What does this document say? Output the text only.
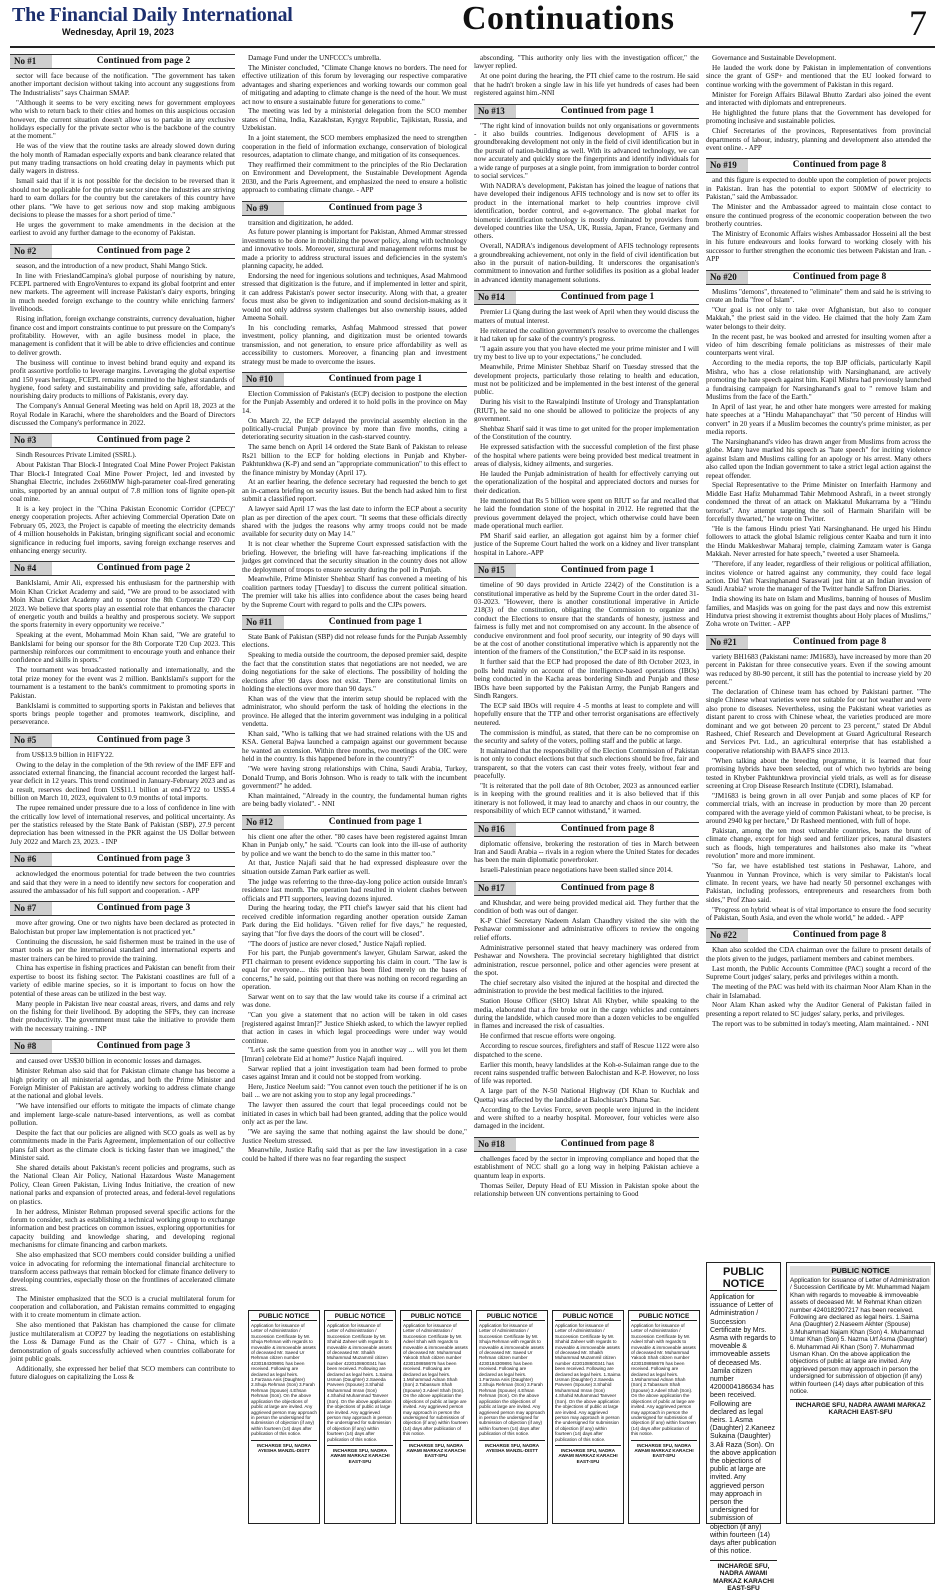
The Financial Daily International
Wednesday, April 19, 2023	Continuations	7
No #1	Continued from page 2

sector will face because of the notification. "The government has taken another important decision without taking into account any suggestions from The Industrialists" says Chairman SMAP.

"Although it seems to be very exciting news for government employees who wish to return back to their cities and homes on this auspicious occasion however, the current situation doesn't allow us to partake in any exclusive holidays especially for the private sector who is the backbone of the country at the moment."

He was of the view that the routine tasks are already slowed down during the holy month of Ramadan especially exports and bank clearance related that put many trading transactions on hold creating delay in payments which put daily wagers in distress.

Ismail said that if it is not possible for the decision to be reversed than it should not be applicable for the private sector since the industries are striving hard to earn dollars for the country but the caretakers of this country have other plans. "We have to get serious now and stop making ambiguous decisions to please the masses for a short period of time."

He urges the government to make amendments in the decision at the earliest to avoid any further damage to the economy of Pakistan.

No #2	Continued from page 2

season, and the introduction of a new product, Shahi Mango Stick.

In line with FrieslandCampina's global purpose of nourishing by nature, FCEPL partnered with EngroVentures to expand its global footprint and enter new markets. The agreement will increase Pakistan's dairy exports, bringing in much needed foreign exchange to the country while enriching farmers' livelihoods.

Rising inflation, foreign exchange constraints, currency devaluation, higher finance cost and import constraints continue to put pressure on the Company's profitability. However, with an agile business model in place, the management is confident that it will be able to drive efficiencies and continue to deliver growth.

The business will continue to invest behind brand equity and expand its profit assortive portfolio to leverage margins. Leveraging the global expertise and 150 years heritage, FCEPL remains committed to the highest standards of hygiene, food safety and sustainability and providing safe, affordable, and nourishing dairy products to millions of Pakistanis, every day.

The Company's Annual General Meeting was held on April 18, 2023 at the Royal Rodale in Karachi, where the shareholders and the Board of Directors discussed the Company's performance in 2022.

No #3	Continued from page 2

Sindh Resources Private Limited (SSRL).

About Pakistan Thar Block-I Integrated Coal Mine Power Project Pakistan Thar Block-I Integrated Coal Mine Power Project, led and invested by Shanghai Electric, includes 2x660MW high-parameter coal-fired generating units, supported by an annual output of 7.8 million tons of lignite open-pit coal mine.

It is a key project in the "China Pakistan Economic Corridor (CPEC)" energy cooperation projects. After achieving Commercial Operation Date on February 05, 2023, the Project is capable of meeting the electricity demands of 4 million households in Pakistan, bringing significant social and economic significance in reducing fuel imports, saving foreign exchange reserves and enhancing energy security.

No #4	Continued from page 2

BankIslami, Amir Ali, expressed his enthusiasm for the partnership with Moin Khan Cricket Academy and said, "We are proud to be associated with Moin Khan Cricket Academy and to sponsor the 8th Corporate T20 Cup 2023. We believe that sports play an essential role that enhances the character of energetic youth and builds a healthy and prosperous society. We support the sports fraternity in every opportunity we receive."

Speaking at the event, Mohammad Moin Khan said, "We are grateful to BankIslami for being our sponsor for the 8th Corporate T20 Cup 2023. This partnership reinforces our commitment to encourage youth and enhance their confidence and skills in sports."

The tournament was broadcasted nationally and internationally, and the total prize money for the event was 2 million. BankIslami's support for the tournament is a testament to the bank's commitment to promoting sports in Pakistan.

BankIslami is committed to supporting sports in Pakistan and believes that sports brings people together and promotes teamwork, discipline, and perseverance.

No #5	Continued from page 3

from US$13.9 billion in H1FY22.

Owing to the delay in the completion of the 9th review of the IMF EFF and associated external financing, the financial account recorded the largest half-year deficit in 12 years. This trend continued in January-February 2023 and as a result, reserves declined from US$11.1 billion at end-FY22 to US$5.4 billion on March 10, 2023, equivalent to 0.9 months of total imports.

The rupee remained under pressure due to a loss of confidence in line with the critically low level of international reserves, and political uncertainty. As per the statistics released by the State Bank of Pakistan (SBP), 27.9 percent depreciation has been witnessed in the PKR against the US Dollar between July 2022 and March 23, 2023. - INP

No #6	Continued from page 3

acknowledged the enormous potential for trade between the two countries and said that they were in a need to identify new sectors for cooperation and assured the ambassador of his full support and cooperation. - APP

No #7	Continued from page 3

move after growing. One or two nights have been declared as protected in Balochistan but proper law implementation is not practiced yet."

Continuing the discussion, he said fishermen must be trained in the use of smart tools as per the international standard and international experts and master trainers can be hired to provide the training.

China has expertise in fishing practices and Pakistan can benefit from their expertise to boost its fishing sector. The Pakistani coastlines are full of a variety of edible marine species, so it is important to focus on how the potential of these areas can be utilized in the best way.

Many people in Pakistan live near coastal areas, rivers, and dams and rely on the fishing for their livelihood. By adopting the SFPs, they can increase their productivity. The government must take the initiative to provide them with the necessary training. - INP

No #8	Continued from page 3

and caused over US$30 billion in economic losses and damages.

Minister Rehman also said that for Pakistan climate change has become a high priority on all ministerial agendas, and both the Prime Minister and Foreign Minister of Pakistan are actively working to address climate change at the national and global levels.

"We have intensified our efforts to mitigate the impacts of climate change and implement large-scale nature-based interventions, as well as combat pollution.

Despite the fact that our policies are aligned with SCO goals as well as by commitments made in the Paris Agreement, implementation of our collective plans fall short as the climate clock is ticking faster than we imagined," the Minister said.

She shared details about Pakistan's recent policies and programs, such as the National Clean Air Policy, National Hazardous Waste Management Policy, Clean Green Pakistan, Living Indus Initiative, the creation of new national parks and expansion of protected areas, and federal-level regulations on plastics.

In her address, Minister Rehman proposed several specific actions for the forum to consider, such as establishing a technical working group to exchange information and best practices on common issues, exploring opportunities for capacity building and knowledge sharing, and developing regional mechanisms for climate financing and carbon markets.

She also emphasized that SCO members could consider building a unified voice in advocating for reforming the international financial architecture to transform access pathways that remain blocked for climate finance delivery to developing countries, especially those on the frontlines of accelerated climate stress.

The Minister emphasized that the SCO is a crucial multilateral forum for cooperation and collaboration, and Pakistan remains committed to engaging with it to create momentum in climate action.

She also mentioned that Pakistan has championed the cause for climate justice multilateralism at COP27 by leading the negotiations on establishing the Loss & Damage Fund as the Chair of G77 - China, which is a demonstration of goals successfully achieved when countries collaborate for joint public goals.

Additionally, she expressed her belief that SCO members can contribute to future dialogues on capitalizing the Loss &

Damage Fund under the UNFCCC's umbrella.

The Minister concluded, "Climate Change knows no borders. The need for effective utilization of this forum by leveraging our respective comparative advantages and sharing experiences and working towards our common goal of mitigating and adapting to climate change is the need of the hour. We must act now to ensure a sustainable future for generations to come."

The meeting was led by a ministerial delegation from the SCO member states of China, India, Kazakhstan, Kyrgyz Republic, Tajikistan, Russia, and Uzbekistan.

In a joint statement, the SCO members emphasized the need to strengthen cooperation in the field of information exchange, conservation of biological resources, adaptation to climate change, and mitigation of its consequences.

They reaffirmed their commitment to the principles of the Rio Declaration on Environment and Development, the Sustainable Development Agenda 2030, and the Paris Agreement, and emphasized the need to ensure a holistic approach to combating climate change. - APP

No #9	Continued from page 3

transition and digitization, he added.

As future power planning is important for Pakistan, Ahmed Ammar stressed investments to be done in mobilizing the power policy, along with technology and innovative tools. Moreover, structural and management reforms must be made a priority to address structural issues and deficiencies in the system's planning capacity, he added.

Endorsing the need for ingenious solutions and techniques, Asad Mahmood stressed that digitization is the future, and if implemented in letter and spirit, it can address Pakistan's power sector insecurity. Along with that, a greater focus must also be given to indigenization and sound decision-making as it would not only address system challenges but also ownership issues, added Ameena Sohail.

In his concluding remarks, Ashfaq Mahmood stressed that power investment, policy planning, and digitization must be oriented towards transmission, and not generation, to ensure price affordability as well as accessibility to customers. Moreover, a financing plan and investment strategy must be made to overcome the issues.

No #10	Continued from page 1

Election Commission of Pakistan's (ECP) decision to postpone the election for the Punjab Assembly and ordered it to hold polls in the province on May 14.

On March 22, the ECP delayed the provincial assembly election in the politically-crucial Punjab province by more than five months, citing a deteriorating security situation in the cash-starved country.

The same bench on April 14 ordered the State Bank of Pakistan to release Rs21 billion to the ECP for holding elections in Punjab and Khyber-Pakhtunkhwa (K-P) and send an "appropriate communication" to this effect to the finance ministry by Monday (April 17).

At an earlier hearing, the defence secretary had requested the bench to get an in-camera briefing on security issues. But the bench had asked him to first submit a classified report.

A lawyer said April 17 was the last date to inform the ECP about a security plan as per direction of the apex court. "It seems that these officials directly shared with the judges the reasons why army troops could not be made available for security duty on May 14."

It is not clear whether the Supreme Court expressed satisfaction with the briefing. However, the briefing will have far-reaching implications if the judges get convinced that the security situation in the country does not allow the deployment of troops to ensure security during the poll in Punjab.

Meanwhile, Prime Minister Shehbaz Sharif has convened a meeting of his coalition partners today [Tuesday] to discuss the current political situation. The premier will take his allies into confidence about the cases being heard by the Supreme Court with regard to polls and the CJPs powers.

No #11	Continued from page 1

State Bank of Pakistan (SBP) did not release funds for the Punjab Assembly elections.

Speaking to media outside the courtroom, the deposed premier said, despite the fact that the constitution states that negotiations are not needed, we are doing negotiations for the sake of elections. The possibility of holding the elections after 90 days does not exist. There are constitutional limits on holding the elections over more than 90 days."

Khan was of the view that the interim setup should be replaced with the administrator, who should perform the task of holding the elections in the province. He alleged that the interim government was indulging in a political vendetta.

Khan said, "Who is talking that we had strained relations with the US and KSA. General Bajwa launched a campaign against our government because he wanted an extension. Within three months, two meetings of the OIC were held in the country. Is this happened before in the country?"

"We were having strong relationships with China, Saudi Arabia, Turkey, Donald Trump, and Boris Johnson. Who is ready to talk with the incumbent government?" he added.

Khan maintained, "Already in the country, the fundamental human rights are being badly violated". - NNI

No #12	Continued from page 1

his client one after the other. "80 cases have been registered against Imran Khan in Punjab only," he said. "Courts can look into the ill-use of authority by police and we want the bench to do the same in this matter too."

At that, Justice Najafi said that he had expressed displeasure over the situation outside Zaman Park earlier as well.

The judge was referring to the three-day-long police action outside Imran's residence last month. The operation had resulted in violent clashes between officials and PTI supporters, leaving dozens injured.

During the hearing today, the PTI chief's lawyer said that his client had received credible information regarding another operation outside Zaman Park during the Eid holidays. "Given relief for five days," he requested, saying that "for five days the doors of the court will be closed".

"The doors of justice are never closed," Justice Najafi replied.

For his part, the Punjab government's lawyer, Ghulam Sarwar, asked the PTI chairman to present evidence supporting his claim in court. "The law is equal for everyone... this petition has been filed merely on the bases of concerns," he said, pointing out that there was nothing on record regarding an operation.

Sarwar went on to say that the law would take its course if a criminal act was done.

"Can you give a statement that no action will be taken in old cases [registered against Imran]?" Justice Shiekh asked, to which the lawyer replied that action in cases in which legal proceedings were under way would continue.

"Let's ask the same question from you in another way ... will you let them [Imran] celebrate Eid at home?" Justice Najafi inquired.

Sarwar replied that a joint investigation team had been formed to probe cases against Imran and it could not be stopped from working.

Here, Justice Neelum said: "You cannot even touch the petitioner if he is on bail ... we are not asking you to stop any legal proceedings."

The lawyer then assured the court that legal proceedings could not be initiated in cases in which bail had been granted, adding that the police would only act as per the law.

"We are saying the same that nothing against the law should be done," Justice Neelum stressed.

Meanwhile, Justice Rafiq said that as per the law investigation in a case could be halted if there was no fear regarding the suspect

absconding. "This authority only lies with the investigation officer," the lawyer replied.

At one point during the hearing, the PTI chief came to the rostrum. He said that he hadn't broken a single law in his life yet hundreds of cases had been registered against him.-NNI

No #13	Continued from page 1

"The right kind of innovation builds not only organisations or governments - it also builds countries. Indigenous development of AFIS is a groundbreaking development not only in the field of civil identification but in the pursuit of nation-building as well. With its advanced technology, we can now accurately and quickly store the fingerprints and identify individuals for a wide range of purposes at a single point, from immigration to border control to social services."

With NADRA's development, Pakistan has joined the league of nations that have developed their indigenous AFIS technology and is now set to offer its product in the international market to help countries improve civil identification, border control, and e-governance. The global market for biometric identification technology is mostly dominated by providers from developed countries like the USA, UK, Russia, Japan, France, Germany and others.

Overall, NADRA's indigenous development of AFIS technology represents a groundbreaking achievement, not only in the field of civil identification but also in the pursuit of nation-building. It underscores the organisation's commitment to innovation and further solidifies its position as a global leader in advanced identity management solutions.

No #14	Continued from page 1

Premier Li Qiang during the last week of April when they would discuss the matters of mutual interest.

He reiterated the coalition government's resolve to overcome the challenges it had taken up for sake of the country's progress.

"I again assure you that you have elected me your prime minister and I will try my best to live up to your expectations," he concluded.

Meanwhile, Prime Minister Shehbaz Sharif on Tuesday stressed that the development projects, particularly those relating to health and education, must not be politicized and be implemented in the best interest of the general public.

During his visit to the Rawalpindi Institute of Urology and Transplantation (RIUT), he said no one should be allowed to politicize the projects of any government.

Shehbaz Sharif said it was time to get united for the proper implementation of the Constitution of the country.

He expressed satisfaction with the successful completion of the first phase of the hospital where patients were being provided best medical treatment in areas of dialysis, kidney ailments, and surgeries.

He lauded the Punjab administration of health for effectively carrying out the operationalization of the hospital and appreciated doctors and nurses for their dedication.

He mentioned that Rs 5 billion were spent on RIUT so far and recalled that he laid the foundation stone of the hospital in 2012. He regretted that the previous government delayed the project, which otherwise could have been made operational much earlier.

PM Sharif said earlier, an allegation got against him by a former chief justice of the Supreme Court halted the work on a kidney and liver transplant hospital in Lahore.-APP

No #15	Continued from page 1

timeline of 90 days provided in Article 224(2) of the Constitution is a constitutional imperative as held by the Supreme Court in the order dated 31-03-2023. "However, there is another constitutional imperative in Article 218(3) of the constitution, obligating the Commission to organize and conduct the Elections to ensure that the standards of honesty, justness and fairness is fully met and not compromised on any account. In the absence of conducive environment and fool proof security, our integrity of 90 days will be at the cost of another constitutional imperative which is apparently not the intention of the framers of the Constitution," the ECP said in its response.

It further said that the ECP had proposed the date of 8th October 2023, in polls held mainly on account of the intelligence-based operations (IBOs) being conducted in the Kacha areas bordering Sindh and Punjab and these IBOs have been supported by the Pakistan Army, the Punjab Rangers and Sindh Rangers.

The ECP said IBOs will require 4 -5 months at least to complete and will hopefully ensure that the TTP and other terrorist organisations are effectively neutered.

The commission is mindful, as stated, that there can be no compromise on the security and safety of the voters, polling staff and the public at large.

It maintained that the responsibility of the Election Commission of Pakistan is not only to conduct elections but that such elections should be free, fair and transparent, so that the voters can cast their votes freely, without fear and peacefully.

"It is reiterated that the poll date of 8th October, 2023 as announced earlier is in keeping with the ground realities and it is also believed that if this itinerary is not followed, it may lead to anarchy and chaos in our country, the responsibility of which ECP cannot withstand," it warned.

No #16	Continued from page 8

diplomatic offensive, brokering the restoration of ties in March between Iran and Saudi Arabia -- rivals in a region where the United States for decades has been the main diplomatic powerbroker.

Israeli-Palestinian peace negotiations have been stalled since 2014.

No #17	Continued from page 8

and Khushdar, and were being provided medical aid. They further that the condition of both was out of danger.

K-P Chief Secretary Nadeem Aslam Chaudhry visited the site with the Peshawar commissioner and administrative officers to review the ongoing relief efforts.

Administrative personnel stated that heavy machinery was ordered from Peshawar and Nowshera. The provincial secretary highlighted that district administration, rescue personnel, police and other agencies were present at the spot.

The chief secretary also visited the injured at the hospital and directed the administration to provide the best medical facilities to the injured.

Station House Officer (SHO) Ishrat Ali Khyber, while speaking to the media, elaborated that a fire broke out in the cargo vehicles and containers during the landslide, which caused more than a dozen vehicles to be engulfed in flames and increased the risk of casualties.

He confirmed that rescue efforts were ongoing.

According to rescue sources, firefighters and staff of Rescue 1122 were also dispatched to the scene.

Earlier this month, heavy landslides at the Koh-e-Sulaiman range due to the recent rains suspended traffic between Balochistan and K-P. However, no loss of life was reported.

A large part of the N-50 National Highway (DI Khan to Kuchlak and Quetta) was affected by the landslide at Balochistan's Dhana Sar.

According to the Levies Force, seven people were injured in the incident and were shifted to a nearby hospital. Moreover, four vehicles were also damaged in the incident.

No #18	Continued from page 8

challenges faced by the sector in improving compliance and hoped that the establishment of NCC shall go a long way in helping Pakistan achieve a quantum leap in exports.

Thomas Seiler, Deputy Head of EU Mission in Pakistan spoke about the relationship between UN conventions pertaining to Good

Governance and Sustainable Development.

He lauded the work done by Pakistan in implementation of conventions since the grant of GSP+ and mentioned that the EU looked forward to continue working with the government of Pakistan in this regard.

Minister for Foreign Affairs Bilawal Bhutto Zardari also joined the event and interacted with diplomats and entrepreneurs.

He highlighted the future plans that the Government has developed for promoting inclusive and sustainable policies.

Chief Secretaries of the provinces, Representatives from provincial departments of labour, industry, planning and development also attended the event online. - APP

No #19	Continued from page 8

and this figure is expected to double upon the completion of power projects in Pakistan. Iran has the potential to export 500MW of electricity to Pakistan," said the Ambassador.

The Minister and the Ambassador agreed to maintain close contact to ensure the continued progress of the economic cooperation between the two brotherly countries.

The Ministry of Economic Affairs wishes Ambassador Hosseini all the best in his future endeavours and looks forward to working closely with his successor to further strengthen the economic ties between Pakistan and Iran. - APP

No #20	Continued from page 8

Muslims "demons", threatened to "eliminate" them and said he is striving to create an India "free of Islam".

"Our goal is not only to take over Afghanistan, but also to conquer Makkah," the priest said in the video. He claimed that the holy Zam Zam water belongs to their deity.

In the recent past, he was booked and arrested for insulting women after a video of him describing female politicians as mistresses of their male counterparts went viral.

According to the media reports, the top BJP officials, particularly Kapil Mishra, who has a close relationship with Narsinghanand, are actively promoting the hate speech against him. Kapil Mishra had previously launched a fundraising campaign for Narsinghanand's goal to " remove Islam and Muslims from the face of the Earth."

In April of last year, he and other hate mongers were arrested for making hate speeches at a "Hindu Mahapanchayat" that "50 percent of Hindus will convert" in 20 years if a Muslim becomes the country's prime minister, as per media reports.

The Narsinghanand's video has drawn anger from Muslims from across the globe. Many have marked his speech as "hate speech" for inciting violence against Islam and Muslims calling for an apology or his arrest. Many others also called upon the Indian government to take a strict legal action against the repeat offender.

Special Representative to the Prime Minister on Interfaith Harmony and Middle East Hafiz Muhammad Tahir Mehmood Ashrafi, in a tweet strongly condemned the threat of an attack on Makkatul Mukarrama by a "Hindu terrorist". Any attempt targeting the soil of Harmain Sharifain will be forcefully thwarted," he wrote on Twitter.

"He is the famous Hindu priest Yati Narsinghanand. He urged his Hindu followers to attack the global Islamic religious center Kaaba and turn it into the Hindu Makkeshwar Maharaj temple, claiming Zamzam water is Ganga Makkah. Never arrested for hate speech," tweeted a user Shameela.

"Therefore, if any leader, regardless of their religious or political affiliation, incites violence or hatred against any community, they could face legal action. Did Yati Narsinghanand Saraswati just hint at an Indian invasion of Saudi Arabia? wrote the manager of the Twitter handle Saffron Diaries.

India showing its hate on Islam and Muslims, banning of houses of Muslim families, and Masjids was on going for the past days and now this extremist Hindutva priest showing it extremist thoughts about Holy places of Muslims," Zoha wrote on Twitter. - APP

No #21	Continued from page 8

variety BH1683 (Pakistani name: JM1683), have increased by more than 20 percent in Pakistan for three consecutive years. Even if the sowing amount was reduced by 80-90 percent, it still has the potential to increase yield by 20 percent."

The declaration of Chinese team has echoed by Pakistani partner. "The single Chinese wheat varieties were not suitable for our hot weather and were also prone to diseases. Nevertheless, using the Pakistani wheat varieties as distant parent to cross with Chinese wheat, the varieties produced are more dominant and we got between 20 percent to 23 percent," stated Dr Abdul Rasheed, Chief Research and Development at Guard Agricultural Research and Services Pvt. Ltd., an agricultural enterprise that has established a cooperative relationship with BAAFS since 2013.

"When talking about the breeding programme, it is learned that four promising hybrids have been selected, out of which two hybrids are being tested in Khyber Pakhtunkhwa provincial yield trials, as well as for disease screening at Crop Disease Research Institute (CDRI), Islamabad.

"JM1683 is being grown in all over Punjab and some places of KP for commercial trials, with an increase in production by more than 20 percent compared with the average yield of common Pakistani wheat, to be precise, is around 2940 kg per hectare," Dr Rasheed mentioned, with full of hope.

Pakistan, among the ten most vulnerable countries, bears the brunt of climate change, except for high seed and fertilizer prices, natural disasters such as floods, high temperatures and hailstones also make its "wheat revolution" more and more imminent.

"So far, we have established test stations in Peshawar, Lahore, and Yuanmou in Yunnan Province, which is very similar to Pakistan's local climate. In recent years, we have had nearly 50 personnel exchanges with Pakistan, including professors, entrepreneurs and researchers from both sides," Prof Zhao said.

"Progress on hybrid wheat is of vital importance to ensure the food security of Pakistan, South Asia, and even the whole world," he added. - APP

No #22	Continued from page 8

Khan also scolded the CDA chairman over the failure to present details of the plots given to the judges, parliament members and cabinet members.

Last month, the Public Accounts Committee (PAC) sought a record of the Supreme Court judges' salary, perks and privileges within a month.

The meeting of the PAC was held with its chairman Noor Alam Khan in the chair in Islamabad.

Noor Alam Khan asked why the Auditor General of Pakistan failed in presenting a report related to SC judges' salary, perks, and privileges.

The report was to be submitted in today's meeting, Alam maintained. - NNI

PUBLIC NOTICE
Application for issuance of Letter of Administration / Succession Certificate by Mrs. Asma with regards to moveable & immoveable assets of deceased Ms. Jamila citizen number 4200004186634 has been received. Following are declared as legal heirs. 1.Asma (Daughter) 2.Kaneez Sukaina (Daughter) 3.Ali Raza (Son). On the above application the objections of public at large are invited. Any aggrieved person may approach in person the undersigned for submission of objection (if any) within fourteen (14) days after publication of this notice.
INCHARGE SFU, NADRA AWAMI MARKAZ KARACHI EAST-SFU
PUBLIC NOTICE
Application for issuance of Letter of Administration / Succession Certificate by Mr. Muhammad Najam Khan with regards to moveable & immoveable assets of deceased Mr. M Rehmat Khan citizen number 4240182907217 has been received. Following are declared as legal heirs. 1.Saima Ana (Daughter) 2.Naseem Akhter (Spouse) 3.Muhammad Najam Khan (Son) 4. Muhammad Umar Khan (Son) 5. Nazma Urf Asma (Daughter) 6. Muhammad Ali Khan (Son) 7. Muhammad Usman Khan. On the above application the objections of public at large are invited. Any aggrieved person may approach in person the undersigned for submission of objection (if any) within fourteen (14) days after publication of this notice.
INCHARGE SFU, NADRA AWAMI MARKAZ KARACHI EAST-SFU
PUBLIC NOTICE
Application for issuance of Letter of Administration / Succession Certificate by Mr. Shuja Rehman with regards to moveable & immoveable assets of deceased Mr. Saeed Ur Rehman citizen number 4230184309891 has been received. Following are declared as legal heirs. 1.Farzana Anis (Daughter) 2.Shuja Rehman (Son) 3.Farah Rehman (Spouse) 4.Ehsan Rehman (Son). On the above application the objections of public at large are invited. Any aggrieved person may approach in person the undersigned for submission of objection (if any) within fourteen (14) days after publication of this notice.
INCHARGE SFU, NADRA AYESHA MANZIL-DISTT
PUBLIC NOTICE
Application for issuance of Letter of Administration / Succession Certificate by Mr. Shahid Zaheer with regards to moveable & immoveable assets of deceased Mr. Shaikh Muhammad Muzammil citizen number 4220108600341 has been received. Following are declared as legal heirs. 1.Saima Usman (Daughter) 2.Saeeda Parveen (Spouse) 3.Shahid Muhammad Imran (Son) 4.Shahid Muhammad Tanveer (Son). On the above application the objections of public at large are invited. Any aggrieved person may approach in person the undersigned for submission of objection (if any) within fourteen (14) days after publication of this notice.
INCHARGE SFU, NADRA AWAMI MARKAZ KARACHI EAST-SFU
PUBLIC NOTICE
Application for issuance of Letter of Administration / Succession Certificate by Mr. Adeel Shah with regards to moveable & immoveable assets of deceased Mr. Muhammad Yakoob Shah citizen number 4230108858676 has been received. Following are declared as legal heirs. 1.Mohammad Adnan Shah (Son) 2.Tabassum Shah (Spouse) 3.Adeel Shah (Son). On the above application the objections of public at large are invited. Any aggrieved person may approach in person the undersigned for submission of objection (if any) within fourteen (14) days after publication of this notice.
INCHARGE SFU, NADRA AWAMI MARKAZ KARACHI EAST-SFU
PUBLIC NOTICE
Application for issuance of Letter of Administration / Succession Certificate by Mr. Shuja Rehman with regards to moveable & immoveable assets of deceased Mr. Saeed Ur Rehman citizen number 4230184309891 has been received. Following are declared as legal heirs. 1.Farzana Anis (Daughter) 2.Shuja Rehman (Son) 3.Farah Rehman (Spouse) 4.Ehsan Rehman (Son). On the above application the objections of public at large are invited. Any aggrieved person may approach in person the undersigned for submission of objection (if any) within fourteen (14) days after publication of this notice.
INCHARGE SFU, NADRA AYESHA MANZIL-DISTT
PUBLIC NOTICE
Application for issuance of Letter of Administration / Succession Certificate by Mr. Shahid Zaheer with regards to moveable & immoveable assets of deceased Mr. Shaikh Muhammad Muzammil citizen number 4220108600341 has been received. Following are declared as legal heirs. 1.Saima Usman (Daughter) 2.Saeeda Parveen (Spouse) 3.Shahid Muhammad Imran (Son) 4.Shahid Muhammad Tanveer (Son). On the above application the objections of public at large are invited. Any aggrieved person may approach in person the undersigned for submission of objection (if any) within fourteen (14) days after publication of this notice.
INCHARGE SFU, NADRA AWAMI MARKAZ KARACHI EAST-SFU
PUBLIC NOTICE
Application for issuance of Letter of Administration / Succession Certificate by Mr. Adeel Shah with regards to moveable & immoveable assets of deceased Mr. Muhammad Yakoob Shah citizen number 4230108858676 has been received. Following are declared as legal heirs. 1.Mohammad Adnan Shah (Son) 2.Tabassum Shah (Spouse) 3.Adeel Shah (Son). On the above application the objections of public at large are invited. Any aggrieved person may approach in person the undersigned for submission of objection (if any) within fourteen (14) days after publication of this notice.
INCHARGE SFU, NADRA AWAMI MARKAZ KARACHI EAST-SFU
